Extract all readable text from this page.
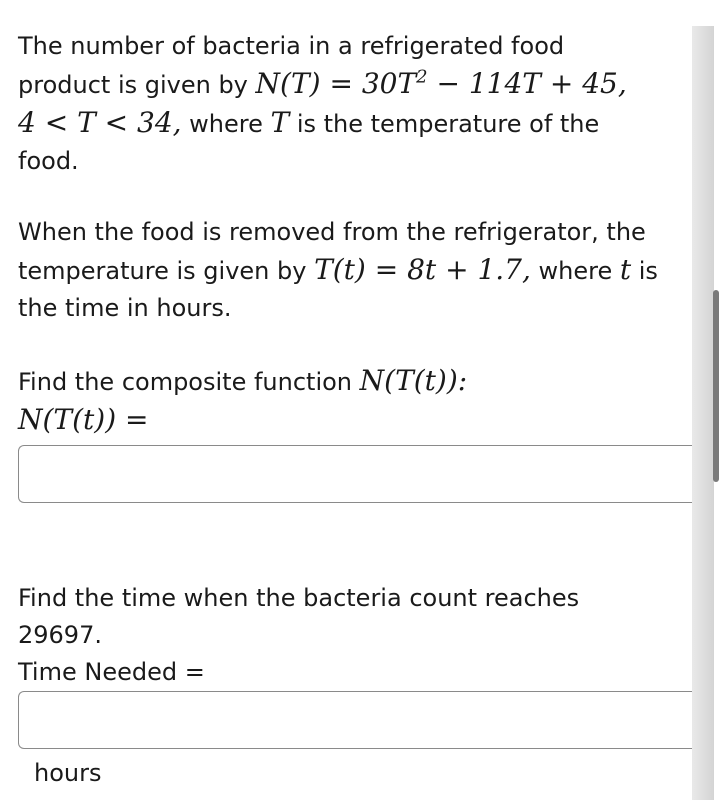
The number of bacteria in a refrigerated food
product is given by $N(T) = 30T^2 - 114T + 45$,
4 < T < 34, where T is the temperature of the
food.

When the food is removed from the refrigerator, the
temperature is given by T(t) = 8t + 1.7, where t is
the time in hours.

Find the composite function N(T(t)):
N(T(t)) =

Find the time when the bacteria count reaches
29697.
Time Needed =

hours
